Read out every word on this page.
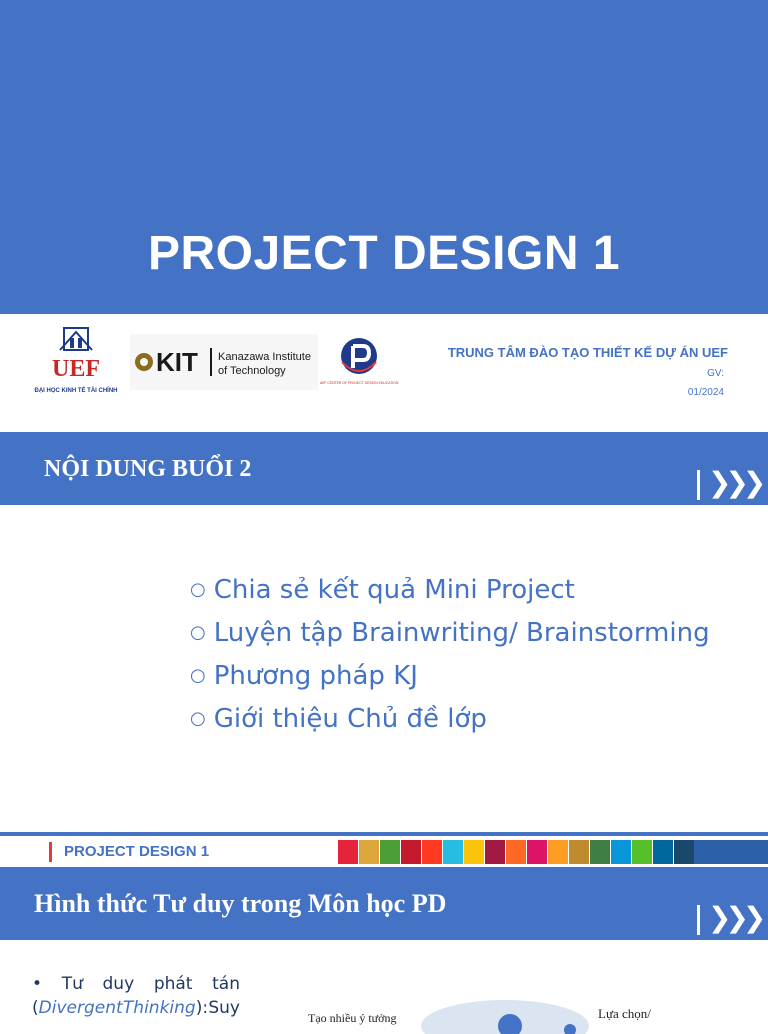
PROJECT DESIGN 1
UEF
ĐẠI HỌC KINH TẾ TÀI CHÍNH
KIT Kanazawa Institute
of Technology
UEF CENTER OF PROJECT DESIGN EDUCATION
TRUNG TÂM ĐÀO TẠO THIẾT KẾ DỰ ÁN UEF
GV:
01/2024
NỘI DUNG BUỔI 2	❯❯❯
○ Chia sẻ kết quả Mini Project
○ Luyện tập Brainwriting/ Brainstorming
○ Phương pháp KJ
○ Giới thiệu Chủ đề lớp
PROJECT DESIGN 1
Hình thức Tư duy trong Môn học PD	❯❯❯
• Tư duy phát tán
(Divergent Thinking): Suy	Tạo nhiều ý tưởng	Lựa chọn/
